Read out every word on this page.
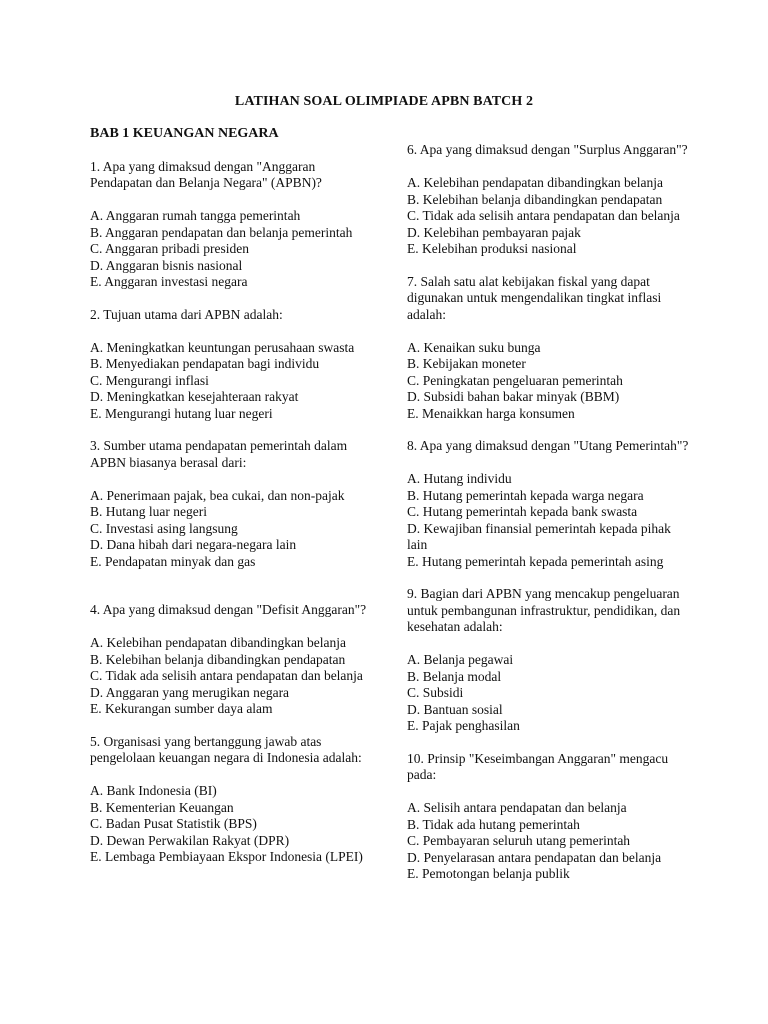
LATIHAN SOAL OLIMPIADE APBN BATCH 2
BAB 1 KEUANGAN NEGARA
1. Apa yang dimaksud dengan "Anggaran Pendapatan dan Belanja Negara" (APBN)?
A. Anggaran rumah tangga pemerintah
B. Anggaran pendapatan dan belanja pemerintah
C. Anggaran pribadi presiden
D. Anggaran bisnis nasional
E. Anggaran investasi negara
2. Tujuan utama dari APBN adalah:
A. Meningkatkan keuntungan perusahaan swasta
B. Menyediakan pendapatan bagi individu
C. Mengurangi inflasi
D. Meningkatkan kesejahteraan rakyat
E. Mengurangi hutang luar negeri
3. Sumber utama pendapatan pemerintah dalam APBN biasanya berasal dari:
A. Penerimaan pajak, bea cukai, dan non-pajak
B. Hutang luar negeri
C. Investasi asing langsung
D. Dana hibah dari negara-negara lain
E. Pendapatan minyak dan gas
4. Apa yang dimaksud dengan "Defisit Anggaran"?
A. Kelebihan pendapatan dibandingkan belanja
B. Kelebihan belanja dibandingkan pendapatan
C. Tidak ada selisih antara pendapatan dan belanja
D. Anggaran yang merugikan negara
E. Kekurangan sumber daya alam
5. Organisasi yang bertanggung jawab atas pengelolaan keuangan negara di Indonesia adalah:
A. Bank Indonesia (BI)
B. Kementerian Keuangan
C. Badan Pusat Statistik (BPS)
D. Dewan Perwakilan Rakyat (DPR)
E. Lembaga Pembiayaan Ekspor Indonesia (LPEI)
6. Apa yang dimaksud dengan "Surplus Anggaran"?
A. Kelebihan pendapatan dibandingkan belanja
B. Kelebihan belanja dibandingkan pendapatan
C. Tidak ada selisih antara pendapatan dan belanja
D. Kelebihan pembayaran pajak
E. Kelebihan produksi nasional
7. Salah satu alat kebijakan fiskal yang dapat digunakan untuk mengendalikan tingkat inflasi adalah:
A. Kenaikan suku bunga
B. Kebijakan moneter
C. Peningkatan pengeluaran pemerintah
D. Subsidi bahan bakar minyak (BBM)
E. Menaikkan harga konsumen
8. Apa yang dimaksud dengan "Utang Pemerintah"?
A. Hutang individu
B. Hutang pemerintah kepada warga negara
C. Hutang pemerintah kepada bank swasta
D. Kewajiban finansial pemerintah kepada pihak lain
E. Hutang pemerintah kepada pemerintah asing
9. Bagian dari APBN yang mencakup pengeluaran untuk pembangunan infrastruktur, pendidikan, dan kesehatan adalah:
A. Belanja pegawai
B. Belanja modal
C. Subsidi
D. Bantuan sosial
E. Pajak penghasilan
10. Prinsip "Keseimbangan Anggaran" mengacu pada:
A. Selisih antara pendapatan dan belanja
B. Tidak ada hutang pemerintah
C. Pembayaran seluruh utang pemerintah
D. Penyelarasan antara pendapatan dan belanja
E. Pemotongan belanja publik
